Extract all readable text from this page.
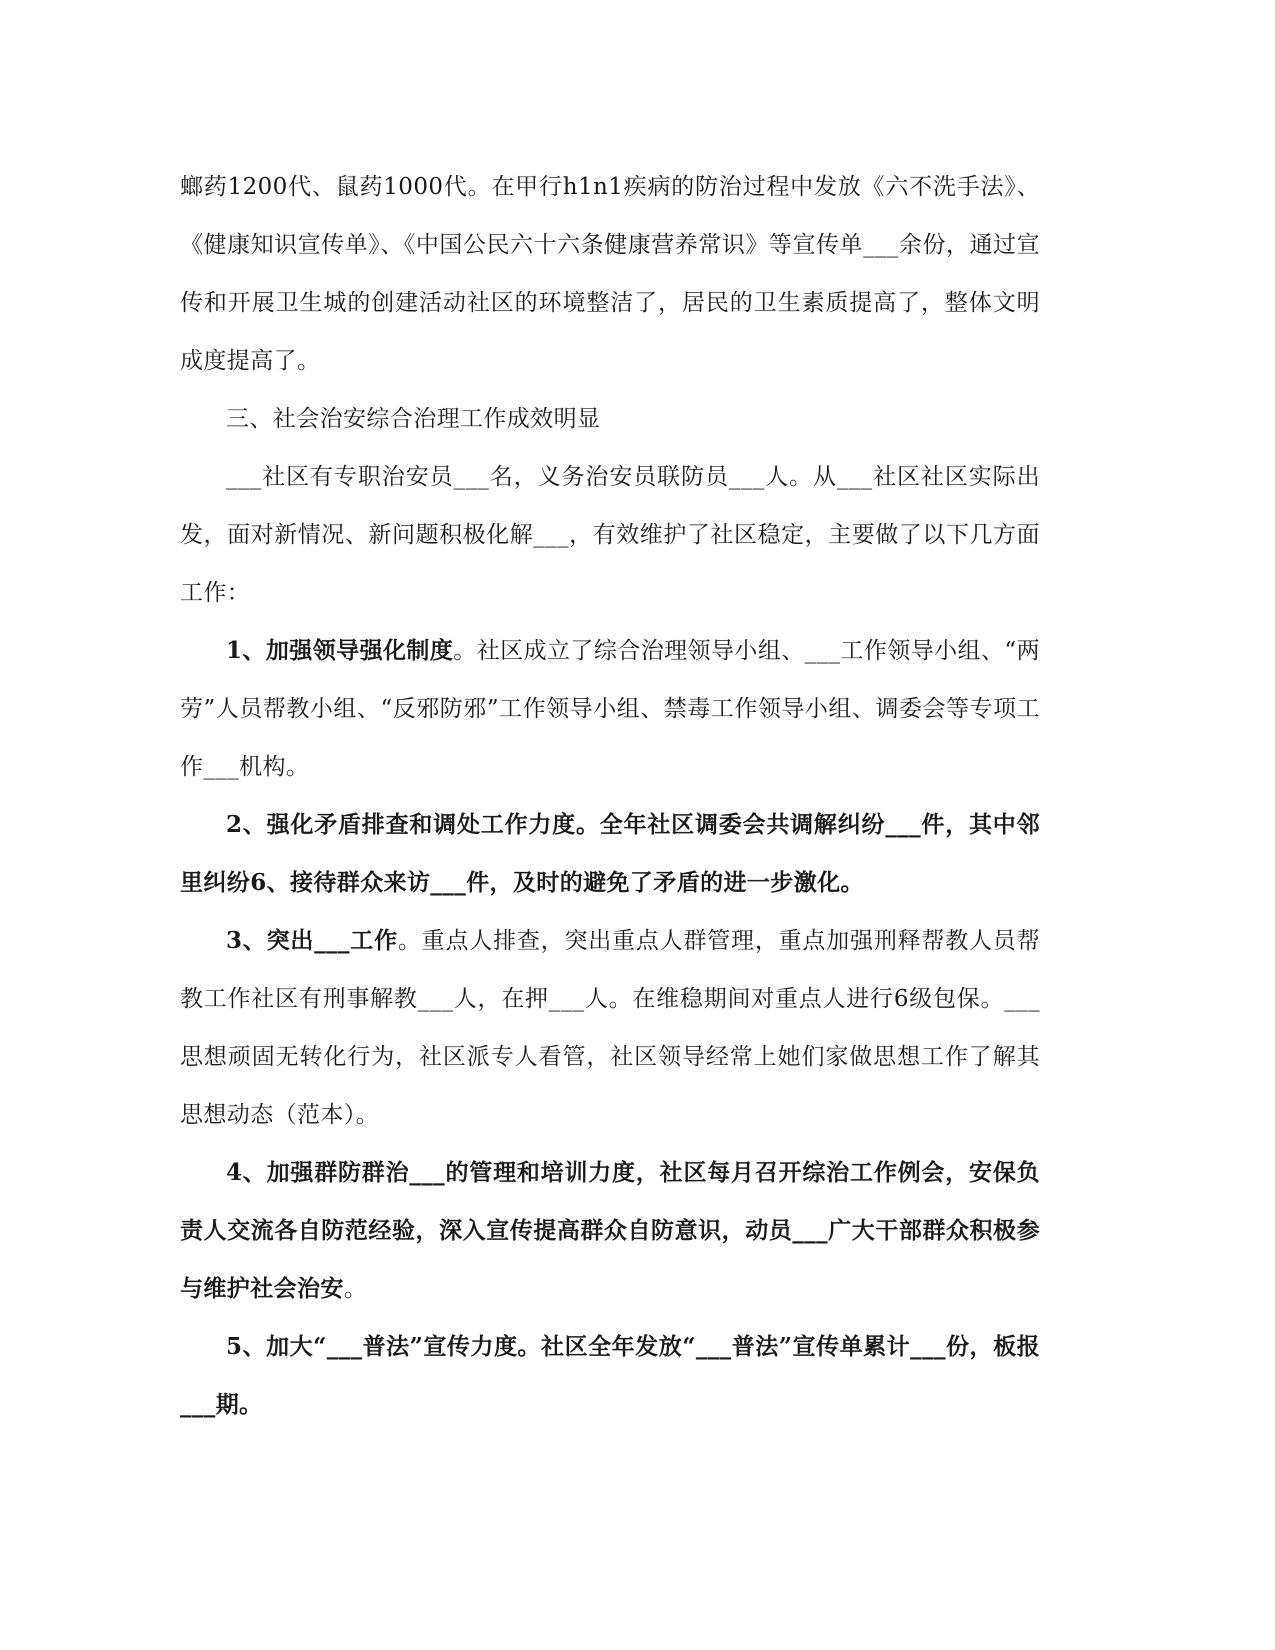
螂药1200代、鼠药1000代。在甲行h1n1疾病的防治过程中发放《六不洗手法》、《健康知识宣传单》、《中国公民六十六条健康营养常识》等宣传单___余份，通过宣传和开展卫生城的创建活动社区的环境整洁了，居民的卫生素质提高了，整体文明成度提高了。

三、社会治安综合治理工作成效明显

___社区有专职治安员___名，义务治安员联防员___人。从___社区社区实际出发，面对新情况、新问题积极化解___，有效维护了社区稳定，主要做了以下几方面工作：

1、加强领导强化制度。社区成立了综合治理领导小组、___工作领导小组、“两劳”人员帮教小组、“反邪防邪”工作领导小组、禁毒工作领导小组、调委会等专项工作___机构。

2、强化矛盾排查和调处工作力度。全年社区调委会共调解纠纷___件，其中邻里纠纷6、接待群众来访___件，及时的避免了矛盾的进一步激化。

3、突出___工作。重点人排查，突出重点人群管理，重点加强刑释帮教人员帮教工作社区有刑事解教___人，在押___人。在维稳期间对重点人进行6级包保。___思想顽固无转化行为，社区派专人看管，社区领导经常上她们家做思想工作了解其思想动态（范本）。

4、加强群防群治___的管理和培训力度，社区每月召开综治工作例会，安保负责人交流各自防范经验，深入宣传提高群众自防意识，动员___广大干部群众积极参与维护社会治安。

5、加大“___普法”宣传力度。社区全年发放“___普法”宣传单累计___份，板报___期。
